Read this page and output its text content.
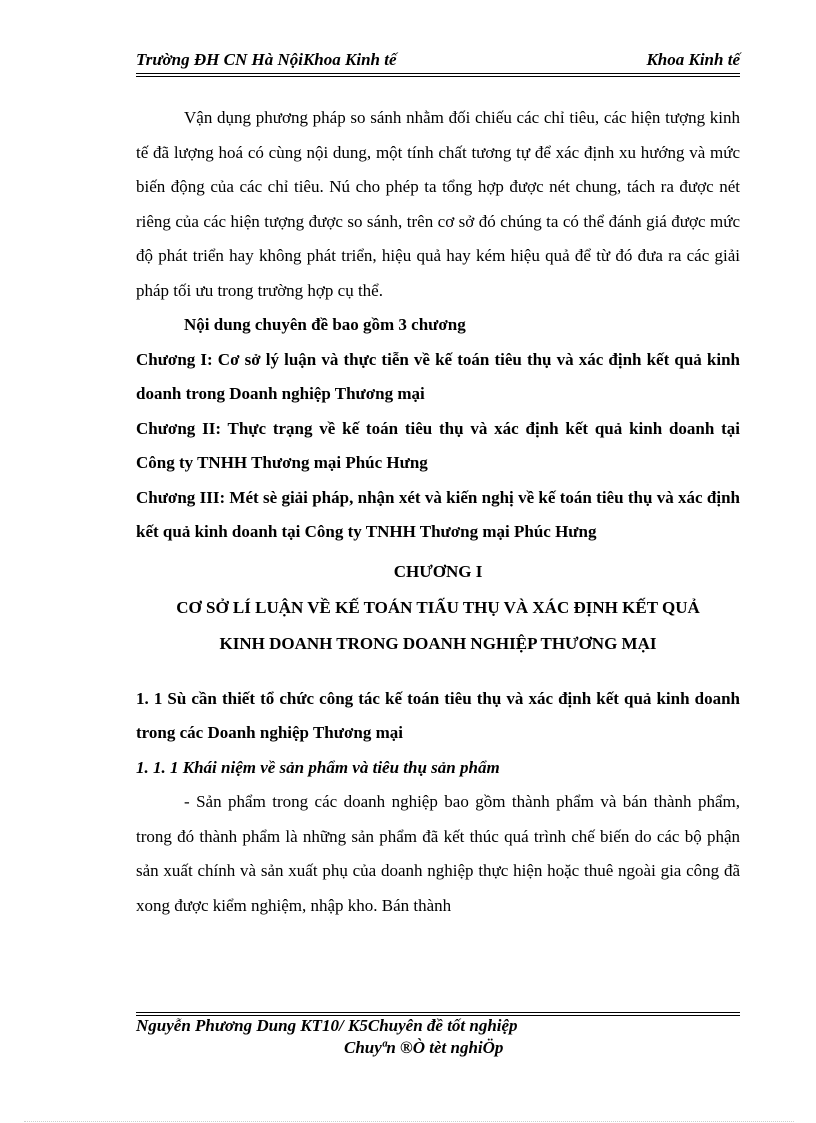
Trường ĐH CN Hà NộiKhoa Kinh tế	Khoa Kinh tế

Vận dụng phương pháp so sánh nhằm đối chiếu các chỉ tiêu, các hiện tượng kinh tế đã lượng hoá có cùng nội dung, một tính chất tương tự để xác định xu hướng và mức biến động của các chỉ tiêu. Nú cho phép ta tổng hợp được nét chung, tách ra được nét riêng của các hiện tượng được so sánh, trên cơ sở đó chúng ta có thể đánh giá được mức độ phát triển hay không phát triển, hiệu quả hay kém hiệu quả để từ đó đưa ra các giải pháp tối ưu trong trường hợp cụ thể.

Nội dung chuyên đề bao gồm 3 chương

Chương I: Cơ sở lý luận và thực tiễn về kế toán tiêu thụ và xác định kết quả kinh doanh trong Doanh nghiệp Thương mại

Chương II: Thực trạng về kế toán tiêu thụ và xác định kết quả kinh doanh tại Công ty TNHH Thương mại Phúc Hưng

Chương III: Mét sè giải pháp, nhận xét và kiến nghị về kế toán tiêu thụ và xác định kết quả kinh doanh tại Công ty TNHH Thương mại Phúc Hưng

CHƯƠNG I

CƠ SỞ LÍ LUẬN VỀ KẾ TOÁN TIẤU THỤ VÀ XÁC ĐỊNH KẾT QUẢ

KINH DOANH TRONG DOANH NGHIỆP THƯƠNG MẠI

1. 1 Sù cần thiết tổ chức công tác kế toán tiêu thụ và xác định kết quả kinh doanh trong các Doanh nghiệp Thương mại

1. 1. 1 Khái niệm về sản phẩm và tiêu thụ sản phẩm

- Sản phẩm trong các doanh nghiệp bao gồm thành phẩm và bán thành phẩm, trong đó thành phẩm là những sản phẩm đã kết thúc quá trình chế biến do các bộ phận sản xuất chính và sản xuất phụ của doanh nghiệp thực hiện hoặc thuê ngoài gia công đã xong được kiểm nghiệm, nhập kho. Bán thành

Nguyễn Phương Dung KT10/ K5Chuyên đề tốt nghiệp
Chuyªn ®Ò tèt nghiÖp
